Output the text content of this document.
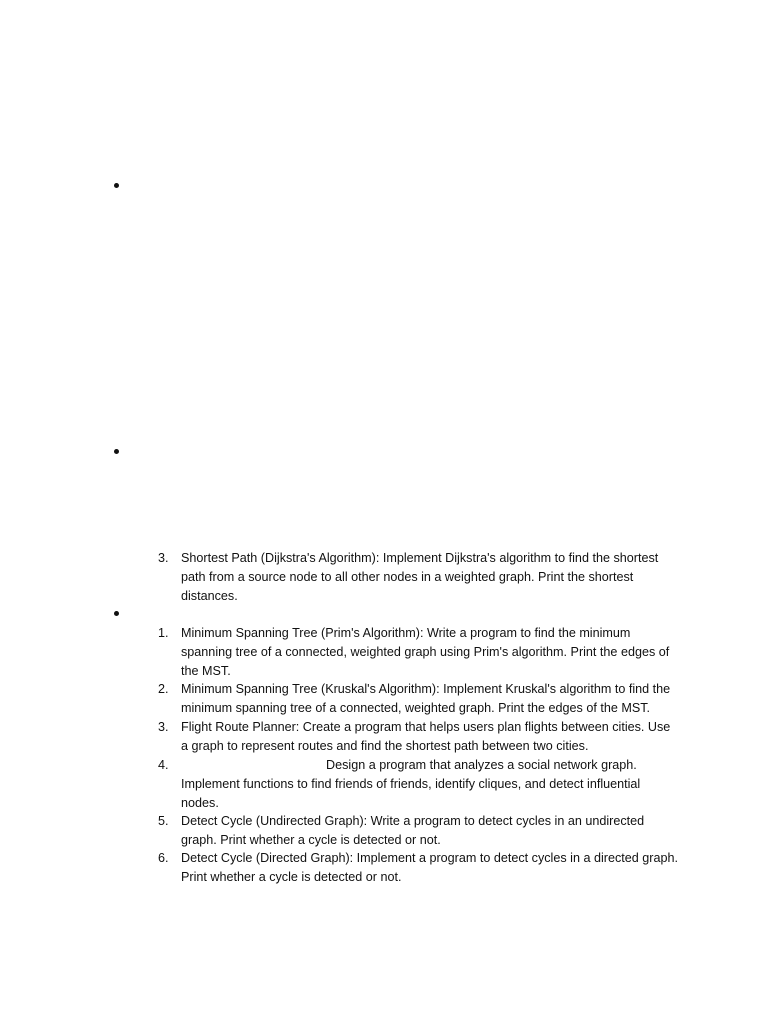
3. Shortest Path (Dijkstra's Algorithm): Implement Dijkstra's algorithm to find the shortest path from a source node to all other nodes in a weighted graph. Print the shortest distances.
1. Minimum Spanning Tree (Prim's Algorithm): Write a program to find the minimum spanning tree of a connected, weighted graph using Prim's algorithm. Print the edges of the MST.
2. Minimum Spanning Tree (Kruskal's Algorithm): Implement Kruskal's algorithm to find the minimum spanning tree of a connected, weighted graph. Print the edges of the MST.
3. Flight Route Planner: Create a program that helps users plan flights between cities. Use a graph to represent routes and find the shortest path between two cities.
4.	Design a program that analyzes a social network graph. Implement functions to find friends of friends, identify cliques, and detect influential nodes.
5. Detect Cycle (Undirected Graph): Write a program to detect cycles in an undirected graph. Print whether a cycle is detected or not.
6. Detect Cycle (Directed Graph): Implement a program to detect cycles in a directed graph. Print whether a cycle is detected or not.
